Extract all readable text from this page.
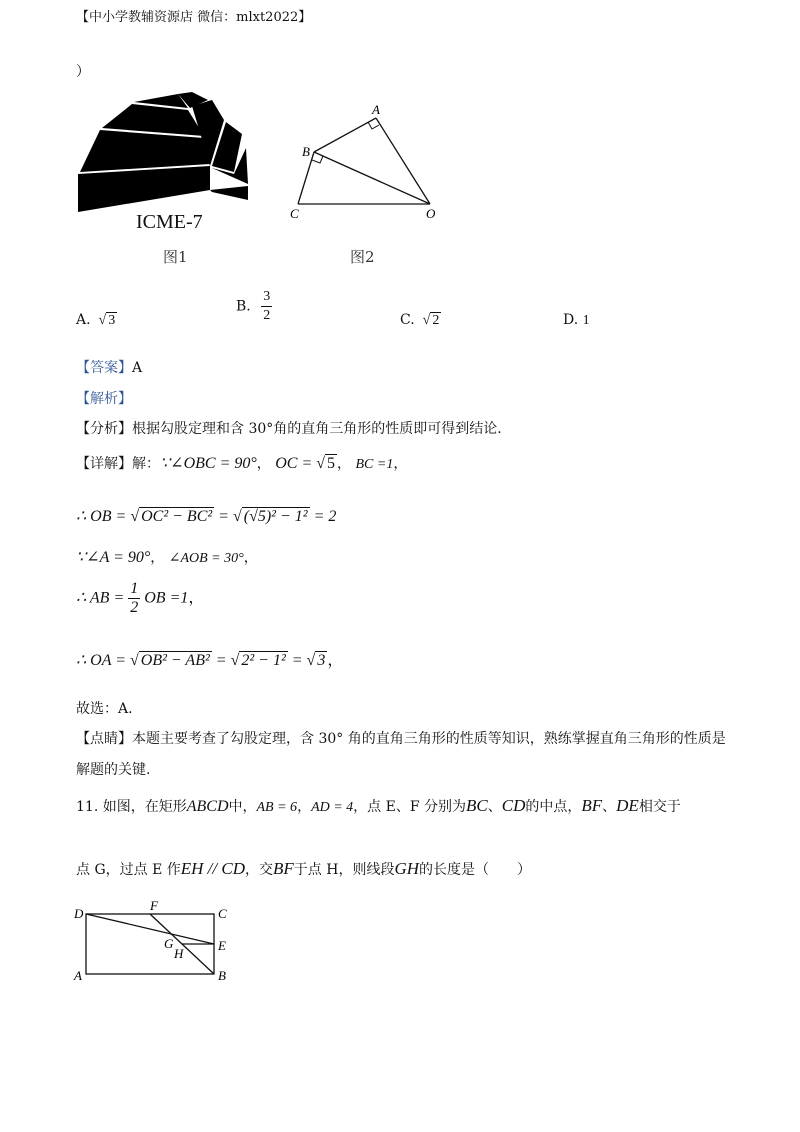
【中小学教辅资源店 微信：mlxt2022】
）
ICME-7
图1
A
B
C	O
图2
A.  √ 3
B. $\frac{3}{2}$	C.  √ 2	D. 1
【答案】A
【解析】
【分析】根据勾股定理和含 30°角的直角三角形的性质即可得到结论.
【详解】解：∵∠OBC = 90°， OC = √ 5 ， BC =1，
∴ OB = √ OC² − BC² = √ (√5)² − 1² = 2
∵∠A = 90°， ∠AOB = 30°，
∴ AB = $\frac{1}{2}$ OB =1，
∴ OA = √ OB² − AB² = √ 2² − 1² = √ 3 ，
故选：A.
【点睛】本题主要考查了勾股定理，含 30° 角的直角三角形的性质等知识，熟练掌握直角三角形的性质是
解题的关键.
11. 如图，在矩形ABCD中，AB = 6，AD = 4，点 E、F 分别为BC、CD的中点，BF、DE相交于
点 G，过点 E 作EH // CD，交BF于点 H，则线段GH的长度是（　　）
D
F
C
G	E
H
A	B
